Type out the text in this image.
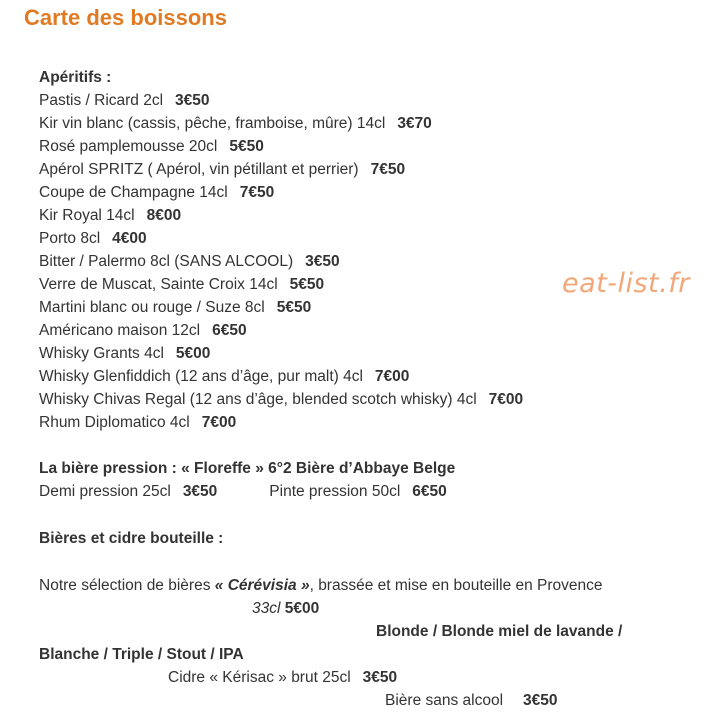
Carte des boissons
eat-list.fr
Apéritifs :
Pastis / Ricard 2cl 3€50
Kir vin blanc (cassis, pêche, framboise, mûre) 14cl 3€70
Rosé pamplemousse 20cl 5€50
Apérol SPRITZ ( Apérol, vin pétillant et perrier) 7€50
Coupe de Champagne 14cl 7€50
Kir Royal 14cl 8€00
Porto 8cl 4€00
Bitter / Palermo 8cl (SANS ALCOOL) 3€50
Verre de Muscat, Sainte Croix 14cl 5€50
Martini blanc ou rouge / Suze 8cl 5€50
Américano maison 12cl 6€50
Whisky Grants 4cl 5€00
Whisky Glenfiddich (12 ans d’âge, pur malt) 4cl 7€00
Whisky Chivas Regal (12 ans d’âge, blended scotch whisky) 4cl 7€00
Rhum Diplomatico 4cl 7€00
La bière pression : « Floreffe » 6°2 Bière d’Abbaye Belge
Demi pression 25cl 3€50	Pinte pression 50cl 6€50
Bières et cidre bouteille :
Notre sélection de bières « Cérévisia », brassée et mise en bouteille en Provence
33cl 5€00
Blonde / Blonde miel de lavande /
Blanche / Triple / Stout / IPA
Cidre « Kérisac » brut 25cl 3€50
Bière sans alcool 3€50
